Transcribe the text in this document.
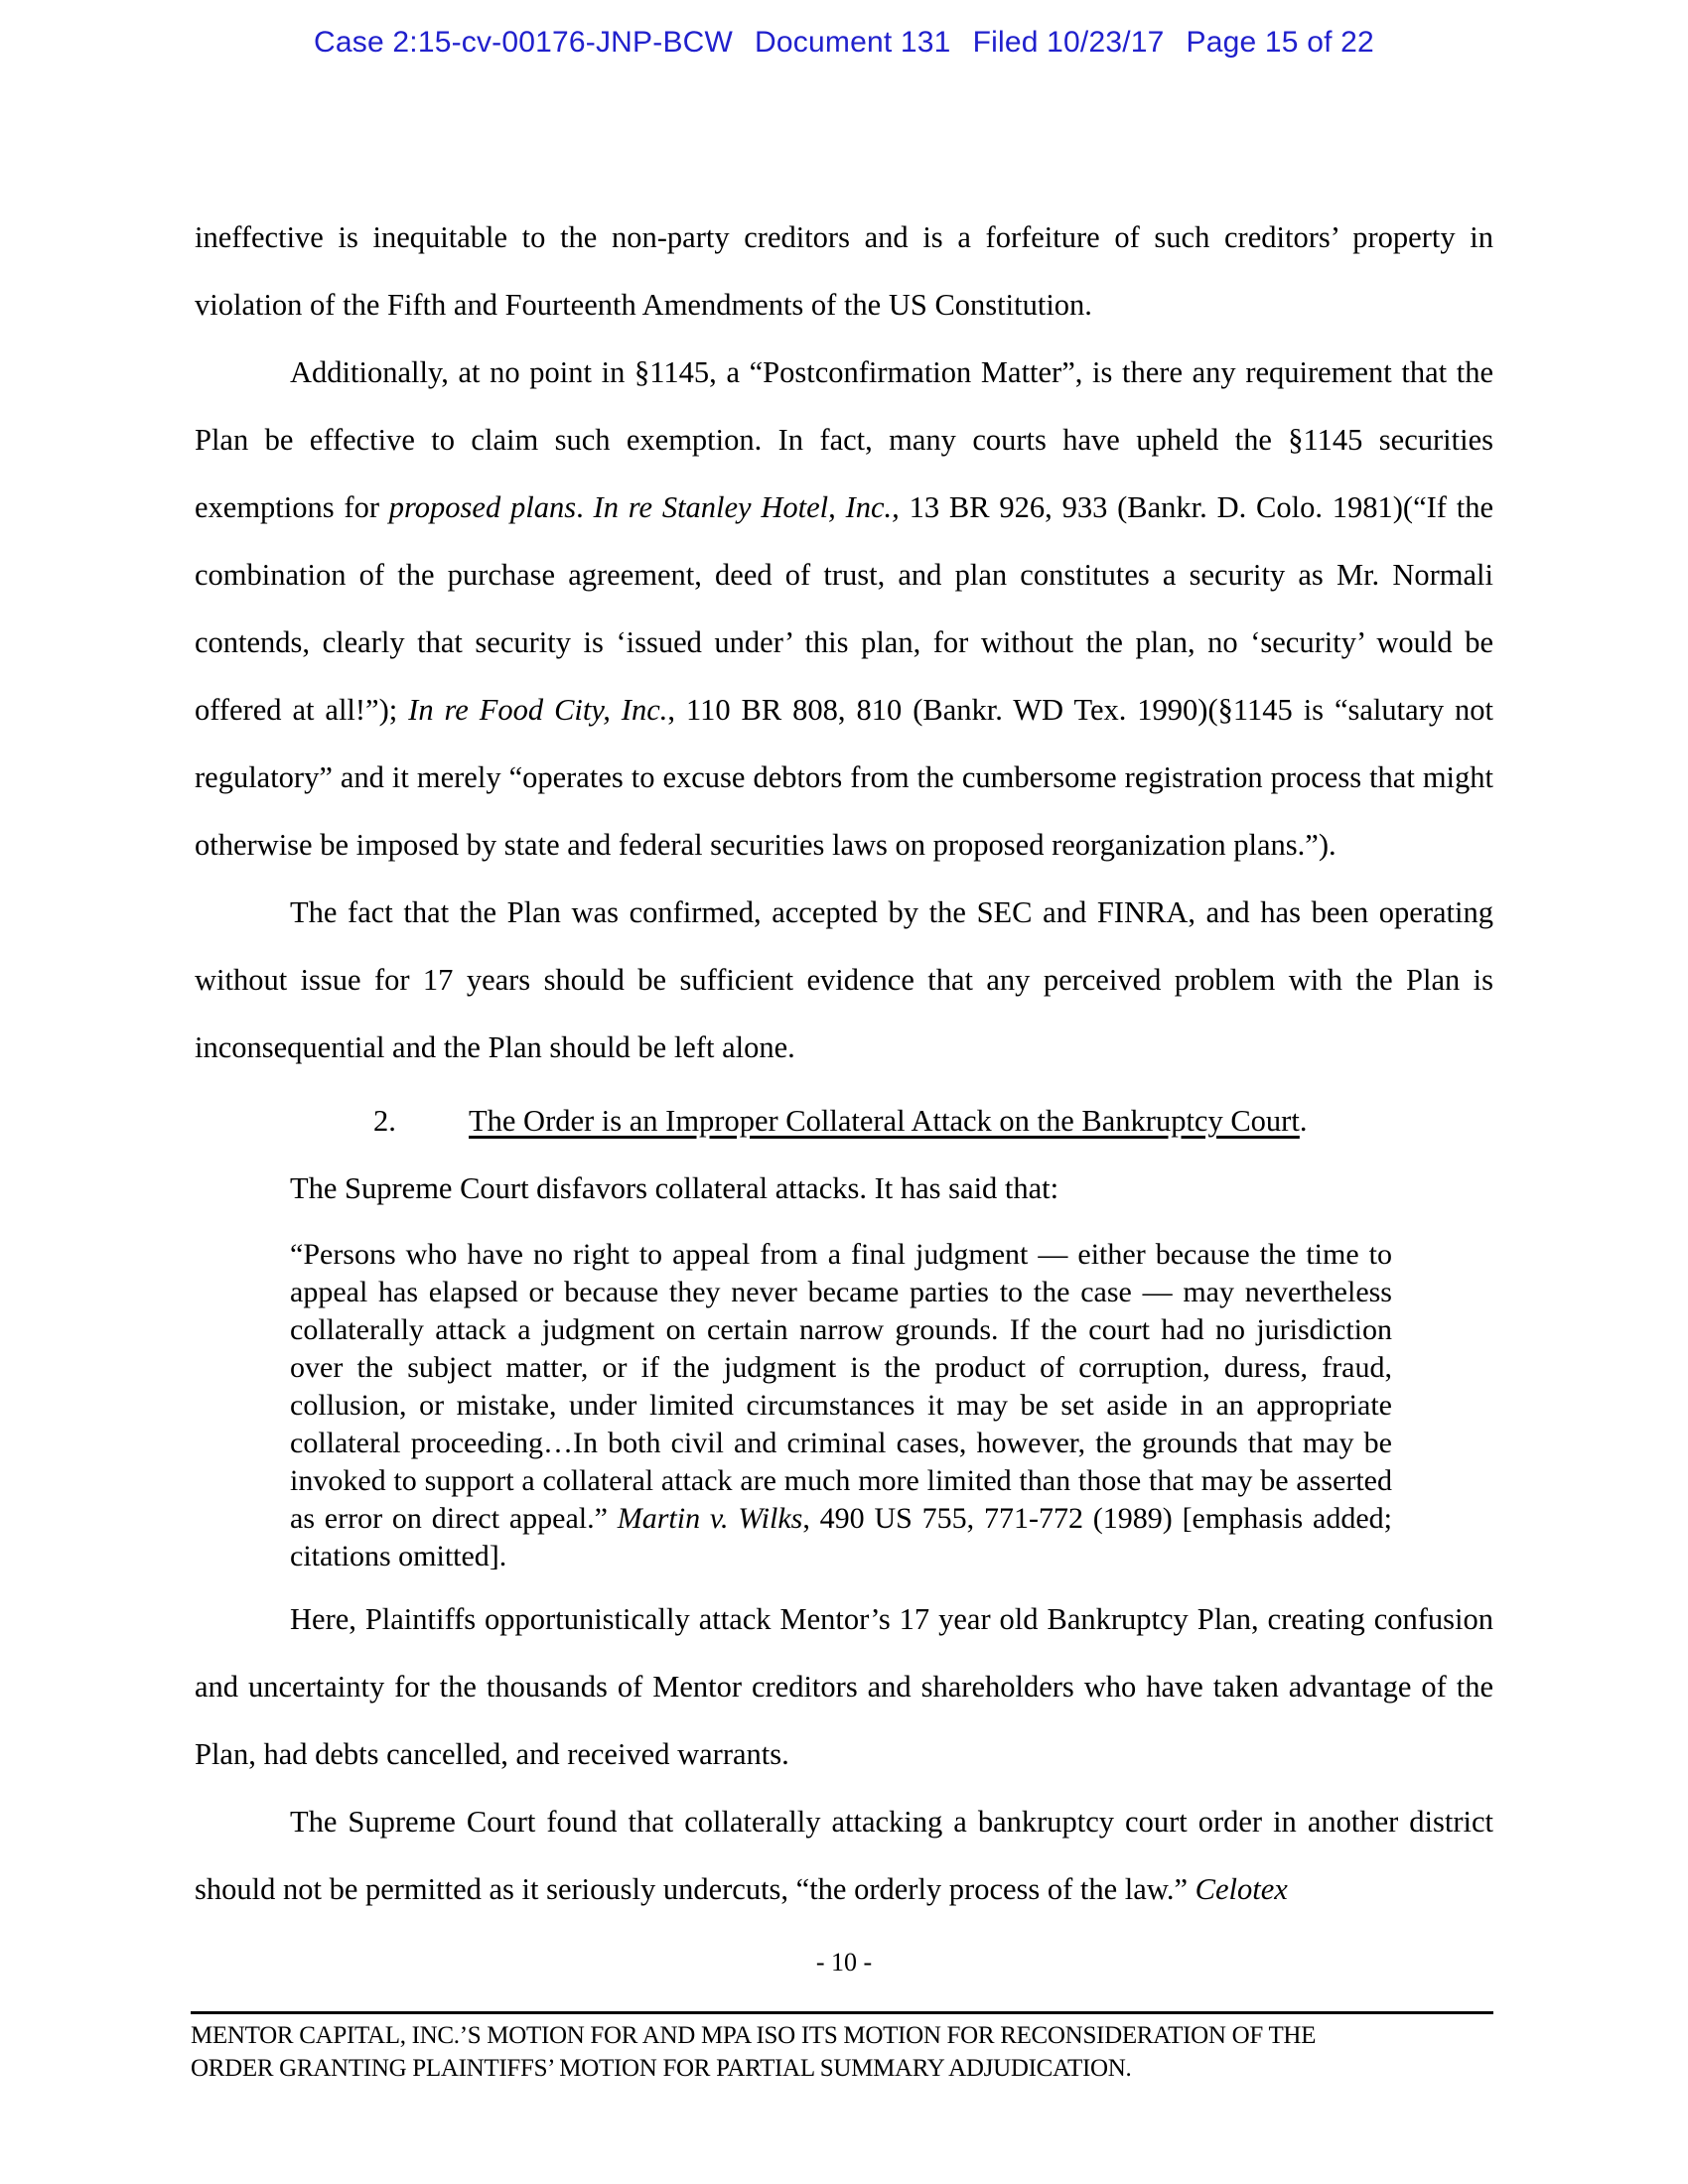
Case 2:15-cv-00176-JNP-BCW Document 131 Filed 10/23/17 Page 15 of 22

ineffective is inequitable to the non-party creditors and is a forfeiture of such creditors’ property in violation of the Fifth and Fourteenth Amendments of the US Constitution.

Additionally, at no point in §1145, a “Postconfirmation Matter”, is there any requirement that the Plan be effective to claim such exemption. In fact, many courts have upheld the §1145 securities exemptions for proposed plans. In re Stanley Hotel, Inc., 13 BR 926, 933 (Bankr. D. Colo. 1981)(“If the combination of the purchase agreement, deed of trust, and plan constitutes a security as Mr. Normali contends, clearly that security is ‘issued under’ this plan, for without the plan, no ‘security’ would be offered at all!”); In re Food City, Inc., 110 BR 808, 810 (Bankr. WD Tex. 1990)(§1145 is “salutary not regulatory” and it merely “operates to excuse debtors from the cumbersome registration process that might otherwise be imposed by state and federal securities laws on proposed reorganization plans.”).

The fact that the Plan was confirmed, accepted by the SEC and FINRA, and has been operating without issue for 17 years should be sufficient evidence that any perceived problem with the Plan is inconsequential and the Plan should be left alone.

2.	The Order is an Improper Collateral Attack on the Bankruptcy Court.

The Supreme Court disfavors collateral attacks. It has said that:

“Persons who have no right to appeal from a final judgment — either because the time to appeal has elapsed or because they never became parties to the case — may nevertheless collaterally attack a judgment on certain narrow grounds. If the court had no jurisdiction over the subject matter, or if the judgment is the product of corruption, duress, fraud, collusion, or mistake, under limited circumstances it may be set aside in an appropriate collateral proceeding…In both civil and criminal cases, however, the grounds that may be invoked to support a collateral attack are much more limited than those that may be asserted as error on direct appeal.” Martin v. Wilks, 490 US 755, 771-772 (1989) [emphasis added; citations omitted].

Here, Plaintiffs opportunistically attack Mentor’s 17 year old Bankruptcy Plan, creating confusion and uncertainty for the thousands of Mentor creditors and shareholders who have taken advantage of the Plan, had debts cancelled, and received warrants.

The Supreme Court found that collaterally attacking a bankruptcy court order in another district should not be permitted as it seriously undercuts, “the orderly process of the law.” Celotex

- 10 -
MENTOR CAPITAL, INC.’S MOTION FOR AND MPA ISO ITS MOTION FOR RECONSIDERATION OF THE
ORDER GRANTING PLAINTIFFS’ MOTION FOR PARTIAL SUMMARY ADJUDICATION.
